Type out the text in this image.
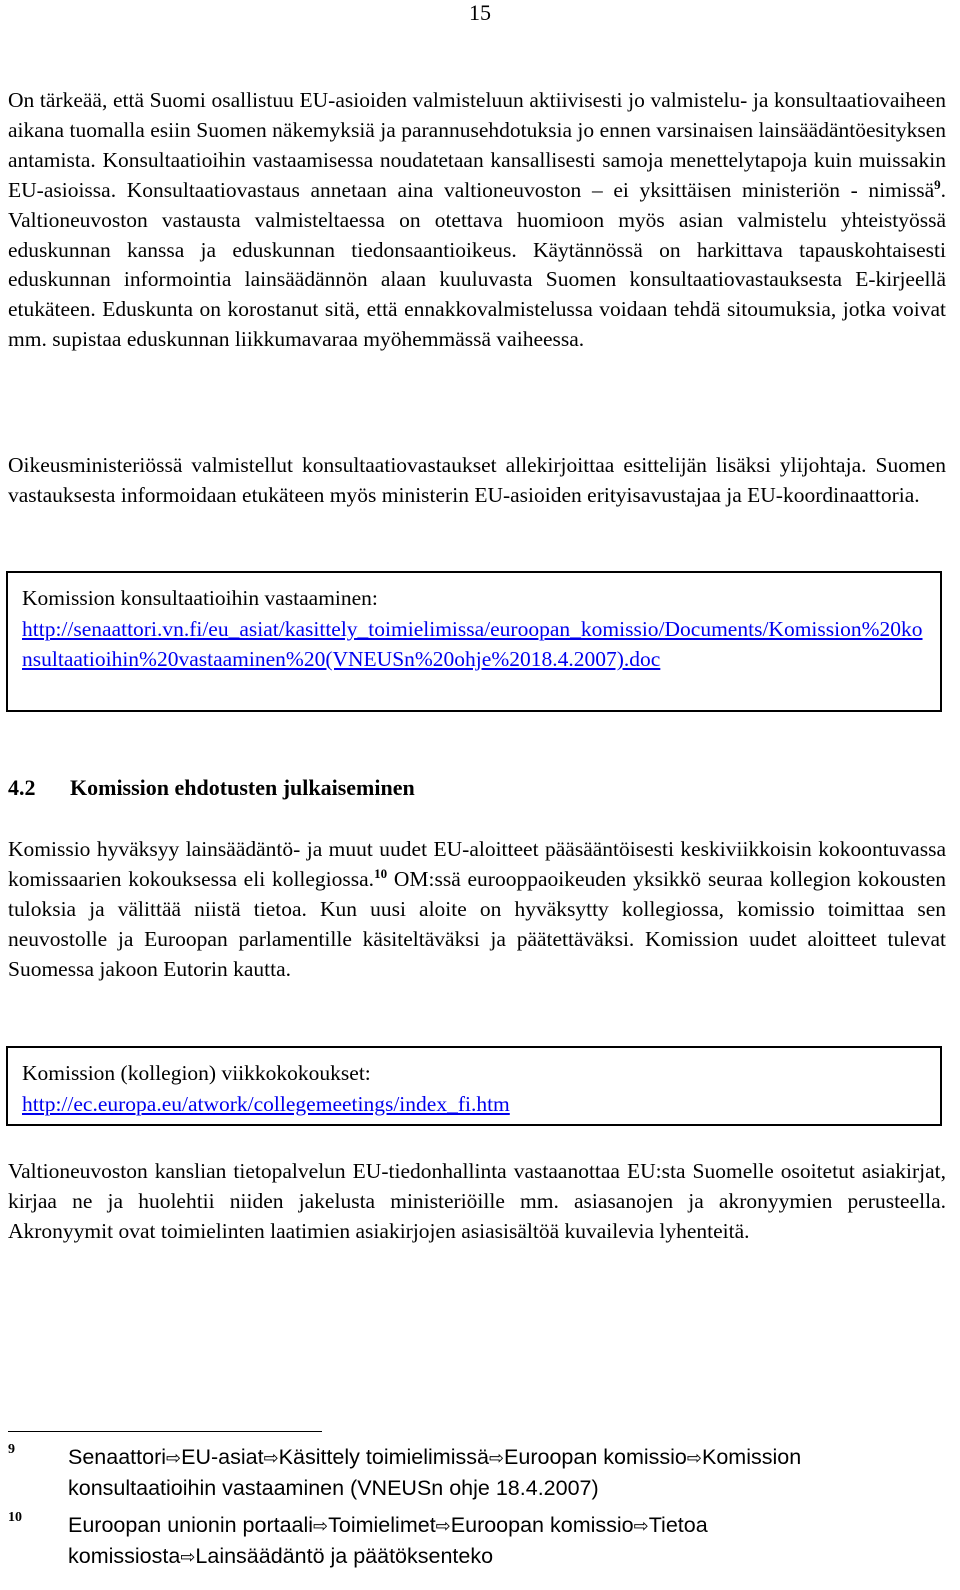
15

On tärkeää, että Suomi osallistuu EU-asioiden valmisteluun aktiivisesti jo valmistelu- ja konsultaatiovaiheen aikana tuomalla esiin Suomen näkemyksiä ja parannusehdotuksia jo ennen varsinaisen lainsäädäntöesityksen antamista. Konsultaatioihin vastaamisessa noudatetaan kansallisesti samoja menettelytapoja kuin muissakin EU-asioissa. Konsultaatiovastaus annetaan aina valtioneuvoston – ei yksittäisen ministeriön - nimissä$^9$. Valtioneuvoston vastausta valmisteltaessa on otettava huomioon myös asian valmistelu yhteistyössä eduskunnan kanssa ja eduskunnan tiedonsaantioikeus. Käytännössä on harkittava tapauskohtaisesti eduskunnan informointia lainsäädännön alaan kuuluvasta Suomen konsultaatiovastauksesta E-kirjeellä etukäteen. Eduskunta on korostanut sitä, että ennakkovalmistelussa voidaan tehdä sitoumuksia, jotka voivat mm. supistaa eduskunnan liikkumavaraa myöhemmässä vaiheessa.

Oikeusministeriössä valmistellut konsultaatiovastaukset allekirjoittaa esittelijän lisäksi ylijohtaja. Suomen vastauksesta informoidaan etukäteen myös ministerin EU-asioiden erityisavustajaa ja EU-koordinaattoria.

Komission konsultaatioihin vastaaminen:
http://senaattori.vn.fi/eu_asiat/kasittely_toimielimissa/euroopan_komissio/Documents/Komission%20konsultaatioihin%20vastaaminen%20(VNEUSn%20ohje%2018.4.2007).doc
4.2 Komission ehdotusten julkaiseminen

Komissio hyväksyy lainsäädäntö- ja muut uudet EU-aloitteet pääsääntöisesti keskiviikkoisin kokoontuvassa komissaarien kokouksessa eli kollegiossa.$^{10}$ OM:ssä eurooppaoikeuden yksikkö seuraa kollegion kokousten tuloksia ja välittää niistä tietoa. Kun uusi aloite on hyväksytty kollegiossa, komissio toimittaa sen neuvostolle ja Euroopan parlamentille käsiteltäväksi ja päätettäväksi. Komission uudet aloitteet tulevat Suomessa jakoon Eutorin kautta.

Komission (kollegion) viikkokokoukset:
http://ec.europa.eu/atwork/collegemeetings/index_fi.htm

Valtioneuvoston kanslian tietopalvelun EU-tiedonhallinta vastaanottaa EU:sta Suomelle osoitetut asiakirjat, kirjaa ne ja huolehtii niiden jakelusta ministeriöille mm. asiasanojen ja akronyymien perusteella. Akronyymit ovat toimielinten laatimien asiakirjojen asiasisältöä kuvailevia lyhenteitä.

9 Senaattori⇨EU-asiat⇨Käsittely toimielimissä⇨Euroopan komissio⇨Komission konsultaatioihin vastaaminen (VNEUSn ohje 18.4.2007)
10 Euroopan unionin portaali⇨Toimielimet⇨Euroopan komissio⇨Tietoa komissiosta⇨Lainsäädäntö ja päätöksenteko
